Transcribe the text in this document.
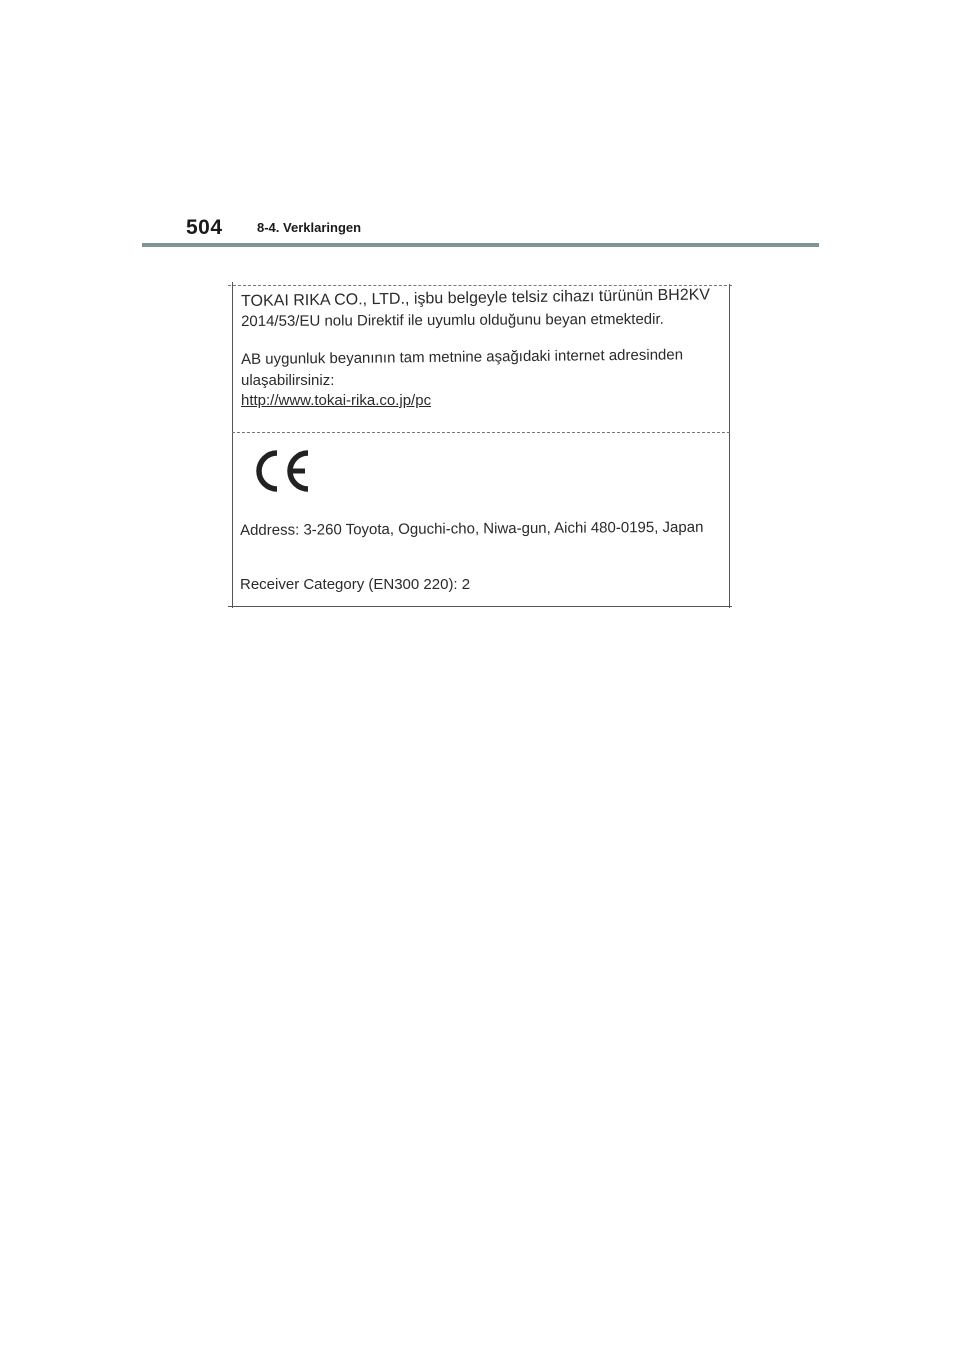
504	8-4. Verklaringen
TOKAI RIKA CO., LTD., işbu belgeyle telsiz cihazı türünün BH2KV
2014/53/EU nolu Direktif ile uyumlu olduğunu beyan etmektedir.
AB uygunluk beyanının tam metnine aşağıdaki internet adresinden
ulaşabilirsiniz:
http://www.tokai-rika.co.jp/pc
Address: 3-260 Toyota, Oguchi-cho, Niwa-gun, Aichi 480-0195, Japan
Receiver Category (EN300 220): 2
